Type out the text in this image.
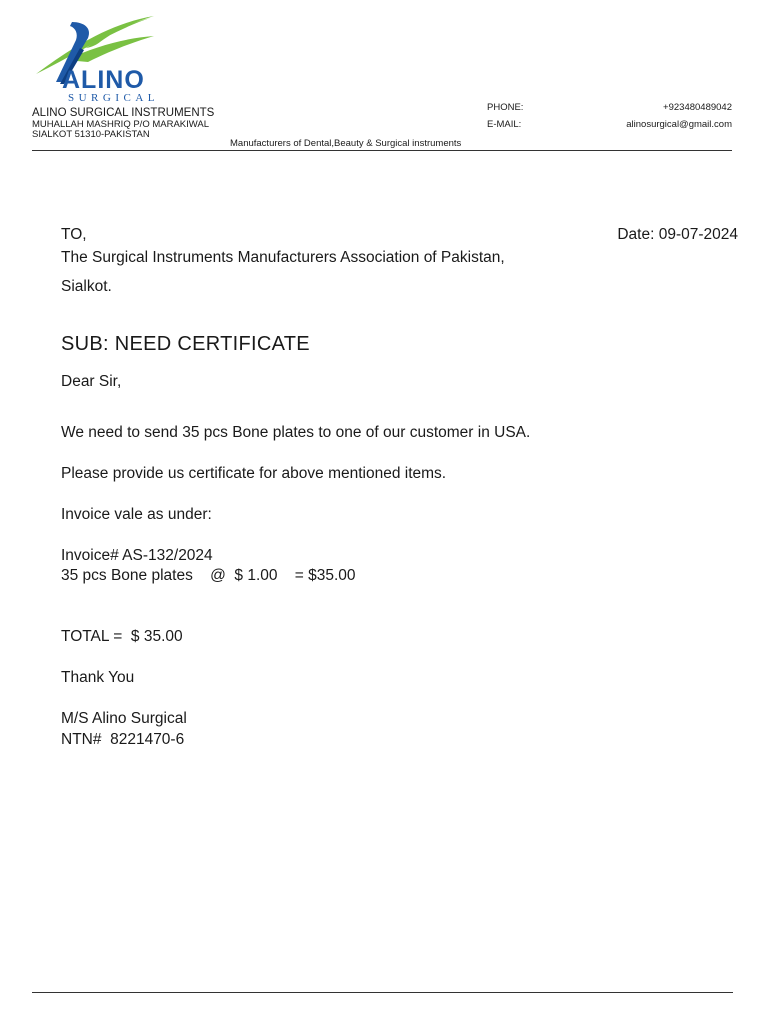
ALINO
SURGICAL
ALINO SURGICAL INSTRUMENTS
MUHALLAH MASHRIQ P/O MARAKIWAL
SIALKOT 51310-PAKISTAN
PHONE:	+923480489042
E-MAIL:	alinosurgical@gmail.com
Manufacturers of Dental,Beauty & Surgical instruments
TO,	Date: 09-07-2024
The Surgical Instruments Manufacturers Association of Pakistan,
Sialkot.
SUB: NEED CERTIFICATE
Dear Sir,
We need to send 35 pcs Bone plates to one of our customer in USA.
Please provide us certificate for above mentioned items.
Invoice vale as under:
Invoice# AS-132/2024
35 pcs Bone plates    @  $ 1.00    = $35.00
TOTAL =  $ 35.00
Thank You
M/S Alino Surgical
NTN#  8221470-6
